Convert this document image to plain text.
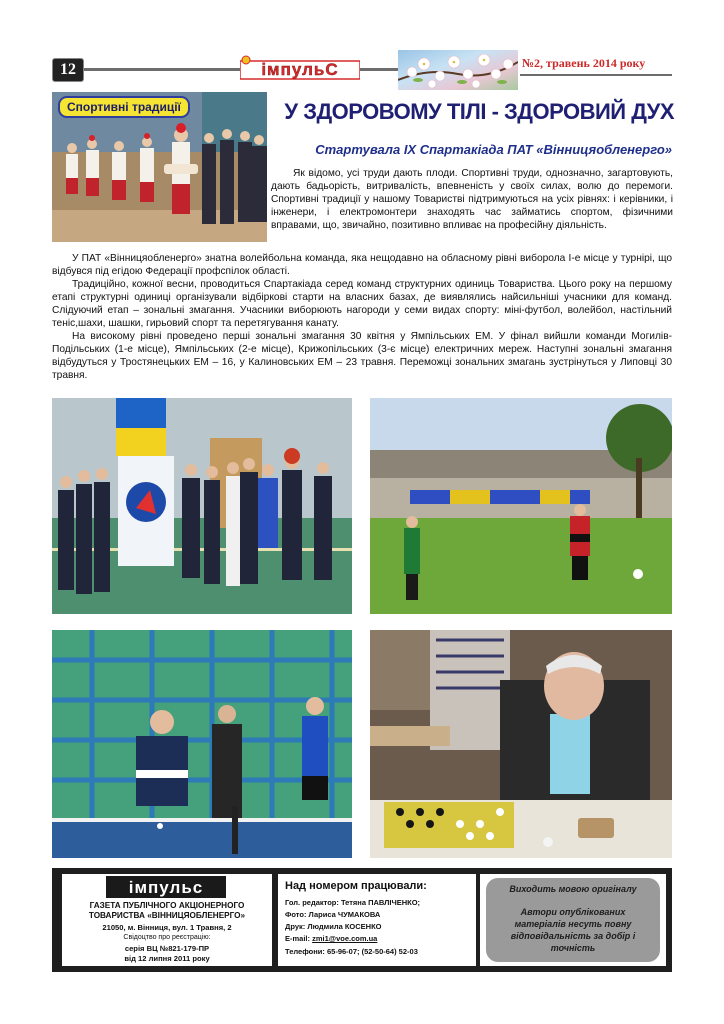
12	імпульС	№2, травень 2014 року
Спортивні традиції	У ЗДОРОВОМУ ТІЛІ - ЗДОРОВИЙ ДУХ
Стартувала ІХ Спартакіада ПАТ «Вінницяобленерго»
Як відомо, усі труди дають плоди. Спортивні труди, однозначно, загартовують, дають бадьорість, витривалість, впевненість у своїх силах, волю до перемоги. Спортивні традиції у нашому Товаристві підтримуються на усіх рівнях: і керівники, і інженери, і електромонтери знаходять час займатись спортом, фізичними вправами, що, звичайно, позитивно впливає на професійну діяльність.

У ПАТ «Вінницяобленерго» знатна волейбольна команда, яка нещодавно на обласному рівні виборола І-е місце у турнірі, що відбувся під егідою Федерації профспілок області.

Традиційно, кожної весни, проводиться Спартакіада серед команд структурних одиниць Товариства. Цього року на першому етапі структурні одиниці організували відбіркові старти на власних базах, де виявлялись найсильніші учасники для команд. Слідуючий етап – зональні змагання. Учасники виборюють нагороди у семи видах спорту: міні-футбол, волейбол, настільний теніс,шахи, шашки, гирьовий спорт та перетягування канату.

На високому рівні проведено перші зональні змагання 30 квітня у Ямпільських ЕМ. У фінал вийшли команди Могилів-Подільських (1-е місце), Ямпільських (2-е місце), Крижопільських (3-є місце) електричних мереж. Наступні зональні змагання відбудуться у Тростянецьких ЕМ – 16, у Калиновських ЕМ – 23 травня. Переможці зональних змагань зустрінуться у Липовці 30 травня.

імпульс
ГАЗЕТА ПУБЛІЧНОГО АКЦІОНЕРНОГО
ТОВАРИСТВА «ВІННИЦЯОБЛЕНЕРГО»
21050, м. Вінниця, вул. 1 Травня, 2
Свідоцтво про реєстрацію:
серія ВЦ №821-179-ПР
від 12 липня 2011 року
Над номером працювали:
Гол. редактор: Тетяна ПАВЛІЧЕНКО;
Фото: Лариса ЧУМАКОВА
Друк: Людмила КОСЕНКО
E-mail: zmi1@voe.com.ua
Телефони: 65-96-07; (52-50-64) 52-03
Виходить мовою оригіналу
Автори опублікованих матеріалів несуть повну відповідальність за добір і точність
